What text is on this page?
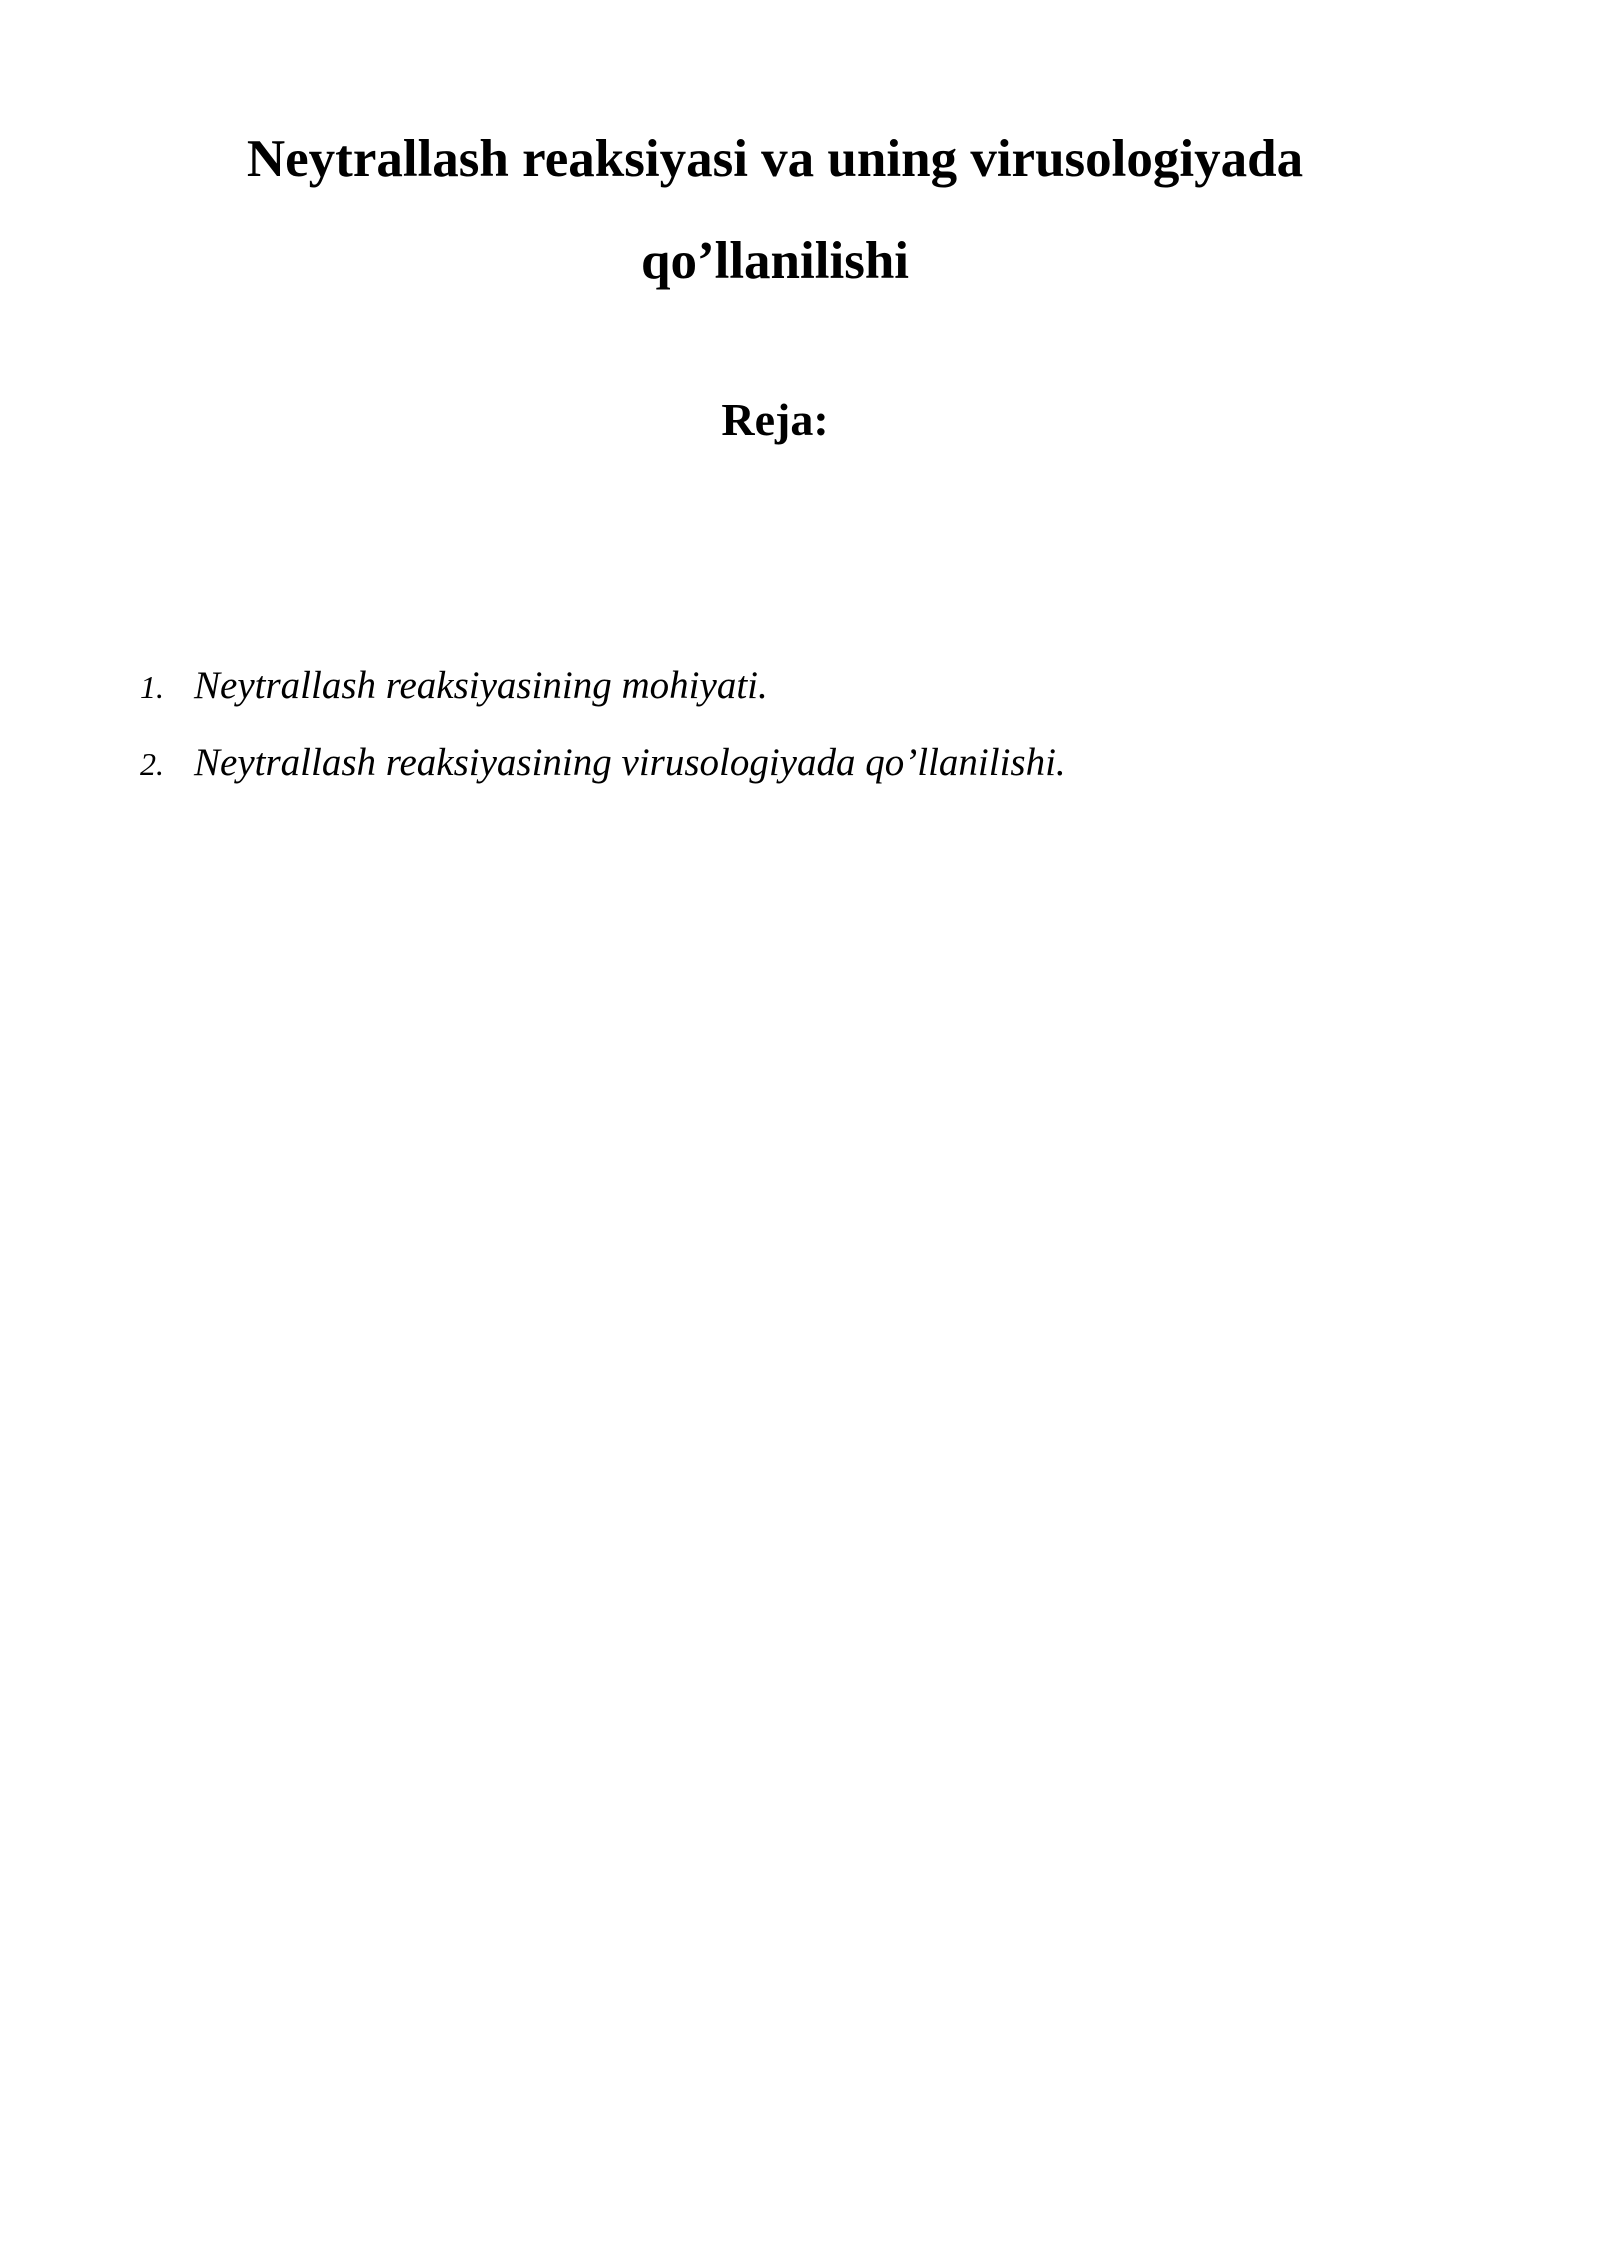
Neytrallash reaksiyasi va uning virusologiyada
qo’llanilishi
Reja:
1. Neytrallash reaksiyasining mohiyati.
2. Neytrallash reaksiyasining virusologiyada qo’llanilishi.
